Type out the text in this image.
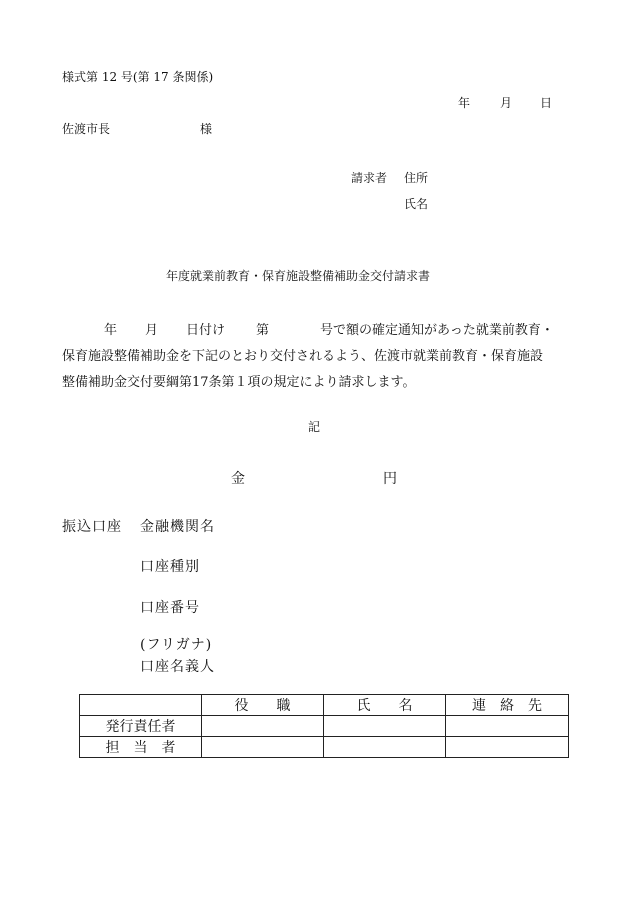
様式第 12 号(第 17 条関係)
年 月 日
佐渡市長	様
請求者 住所
氏名
年度就業前教育・保育施設整備補助金交付請求書
年 月 日付け 第	号で額の確定通知があった就業前教育・
保育施設整備補助金を下記のとおり交付されるよう、佐渡市就業前教育・保育施設
整備補助金交付要綱第17条第１項の規定により請求します。
記
金	円
振込口座 金融機関名
口座種別
口座番号
(フリガナ)
口座名義人
	役　　職	氏　　名	連　絡　先
発行責任者			
担　当　者			
